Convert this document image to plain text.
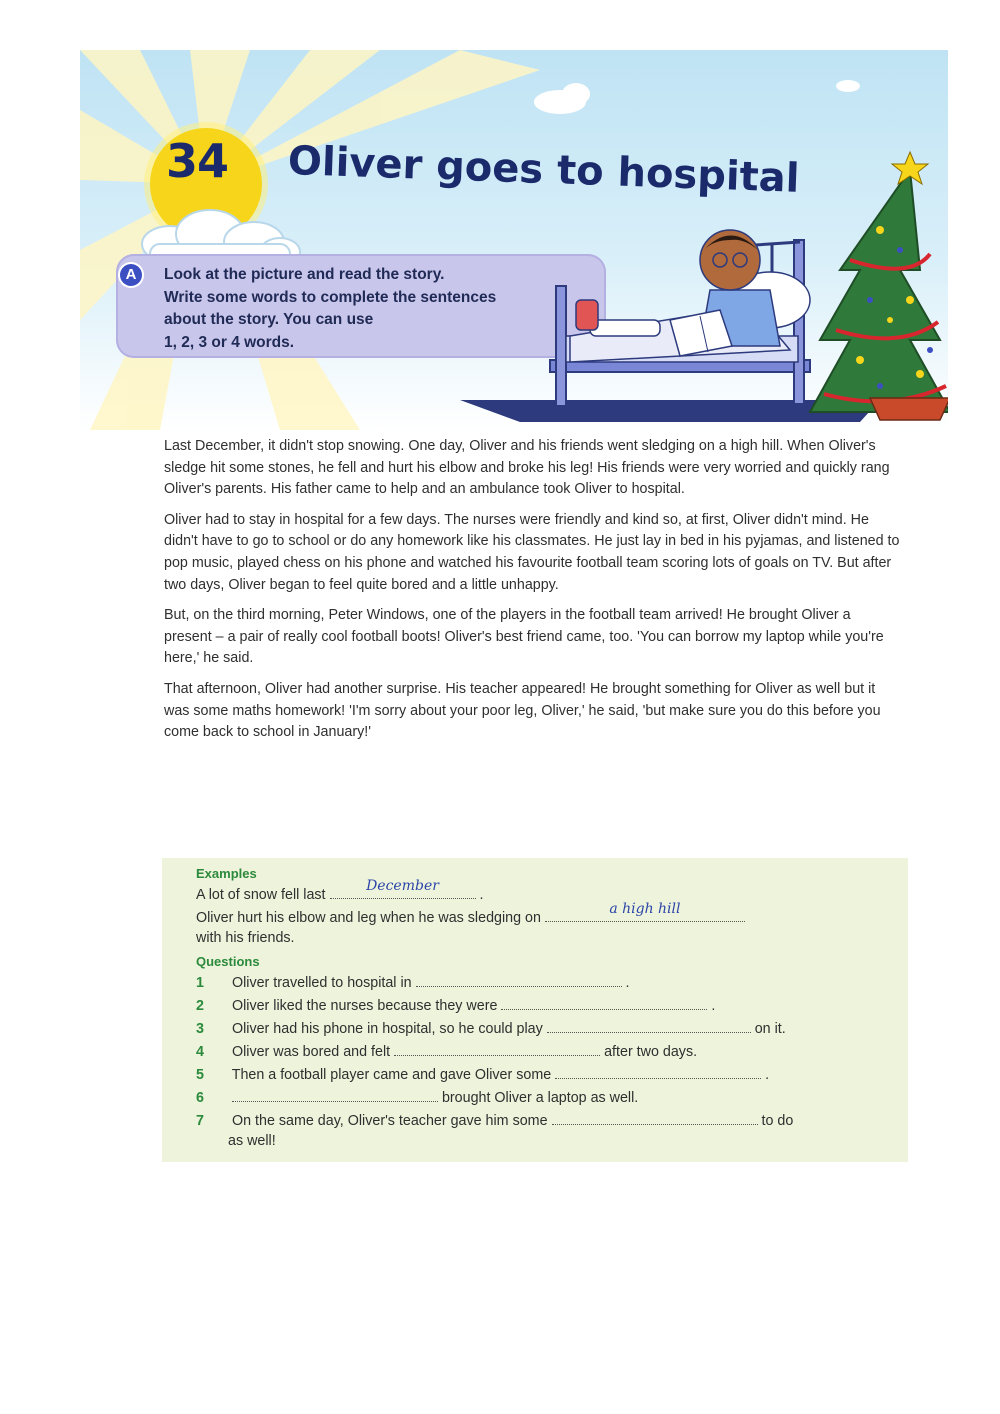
34	Oliver goes to hospital
A	Look at the picture and read the story.
Write some words to complete the sentences
about the story. You can use
1, 2, 3 or 4 words.

Last December, it didn't stop snowing. One day, Oliver and his friends went sledging on a high hill. When Oliver's sledge hit some stones, he fell and hurt his elbow and broke his leg! His friends were very worried and quickly rang Oliver's parents. His father came to help and an ambulance took Oliver to hospital.

Oliver had to stay in hospital for a few days. The nurses were friendly and kind so, at first, Oliver didn't mind. He didn't have to go to school or do any homework like his classmates. He just lay in bed in his pyjamas, and listened to pop music, played chess on his phone and watched his favourite football team scoring lots of goals on TV. But after two days, Oliver began to feel quite bored and a little unhappy.

But, on the third morning, Peter Windows, one of the players in the football team arrived! He brought Oliver a present – a pair of really cool football boots! Oliver's best friend came, too. 'You can borrow my laptop while you're here,' he said.

That afternoon, Oliver had another surprise. His teacher appeared! He brought something for Oliver as well but it was some maths homework! 'I'm sorry about your poor leg, Oliver,' he said, 'but make sure you do this before you come back to school in January!'

Examples
A lot of snow fell last
December
.
Oliver hurt his elbow and leg when he was sledging on
a high hill
with his friends.
Questions
1 Oliver travelled to hospital in	.
2 Oliver liked the nurses because they were	.
3 Oliver had his phone in hospital, so he could play	on it.
4 Oliver was bored and felt	after two days.
5 Then a football player came and gave Oliver some	.
6	brought Oliver a laptop as well.
7 On the same day, Oliver's teacher gave him some	to do
as well!
